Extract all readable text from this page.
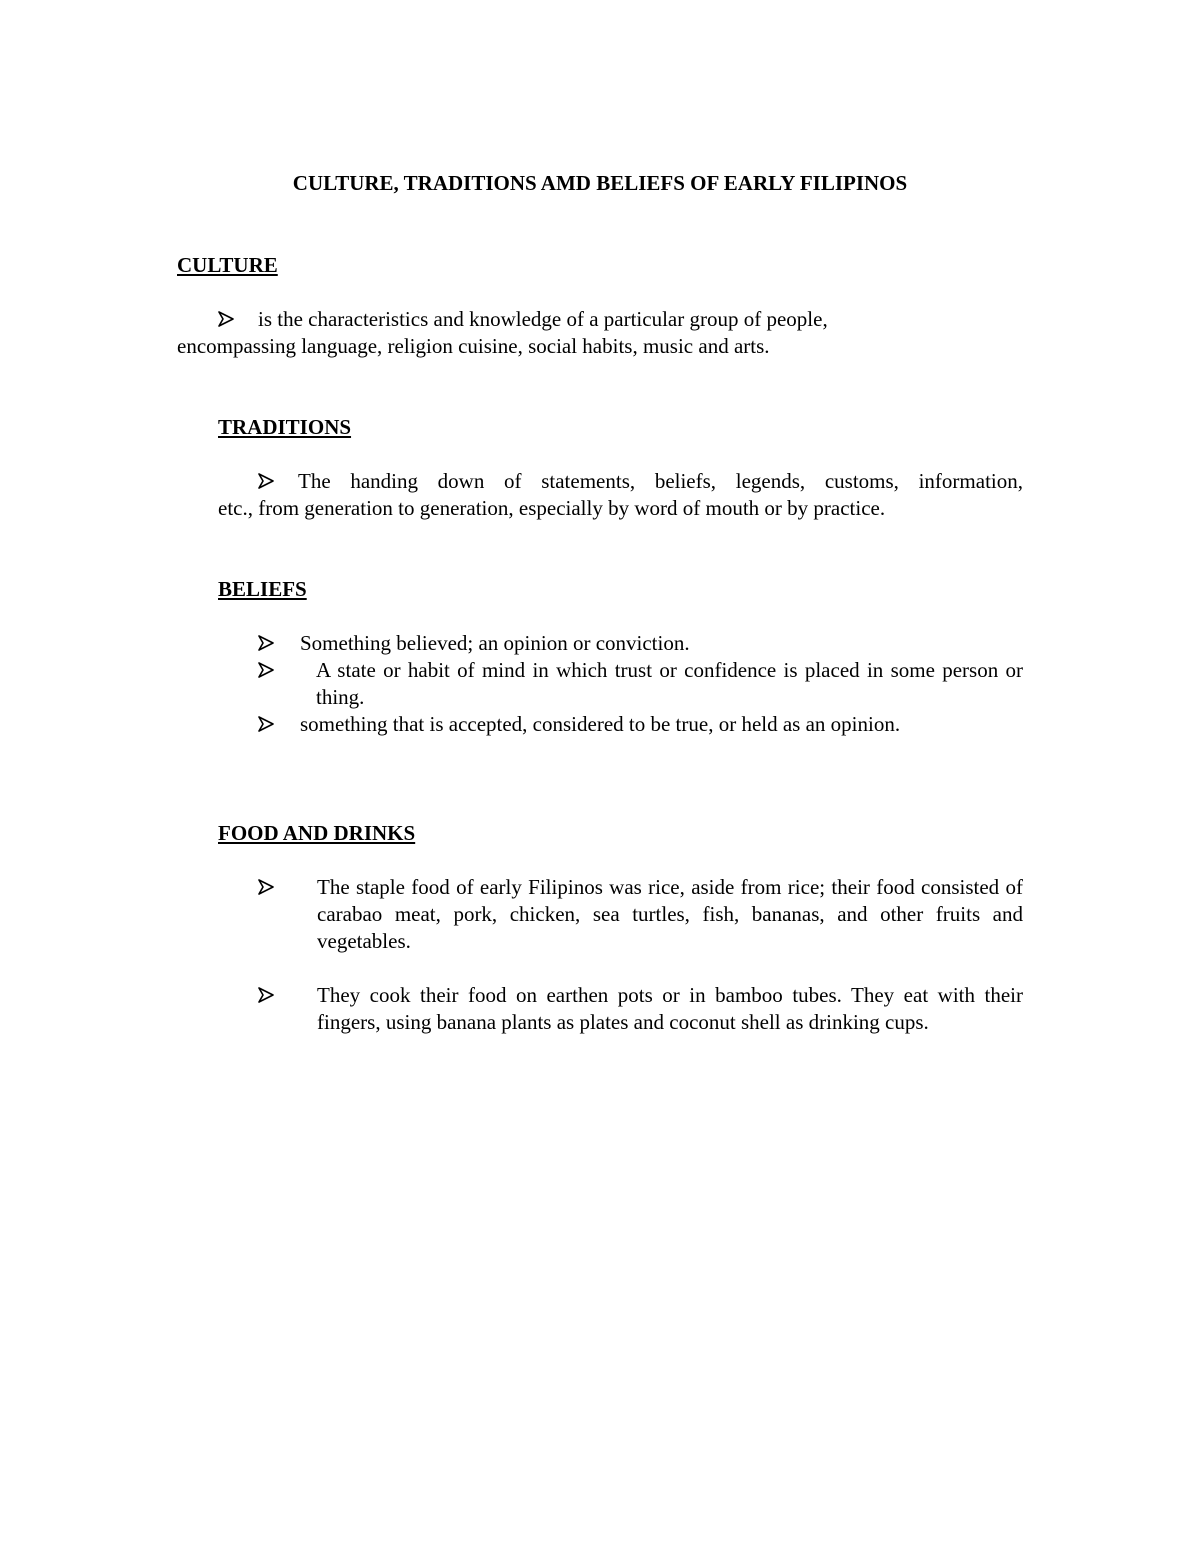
CULTURE, TRADITIONS AMD BELIEFS OF EARLY FILIPINOS
CULTURE
is the characteristics and knowledge of a particular group of people,
encompassing language, religion cuisine, social habits, music and arts.
TRADITIONS
The handing down of statements, beliefs, legends, customs, information,
etc., from generation to generation, especially by word of mouth or by practice.
BELIEFS
Something believed; an opinion or conviction.
A state or habit of mind in which trust or confidence is placed in some person or thing.
something that is accepted, considered to be true, or held as an opinion.
FOOD AND DRINKS
The staple food of early Filipinos was rice, aside from rice; their food consisted of carabao meat, pork, chicken, sea turtles, fish, bananas, and other fruits and vegetables.
They cook their food on earthen pots or in bamboo tubes. They eat with their fingers, using banana plants as plates and coconut shell as drinking cups.
